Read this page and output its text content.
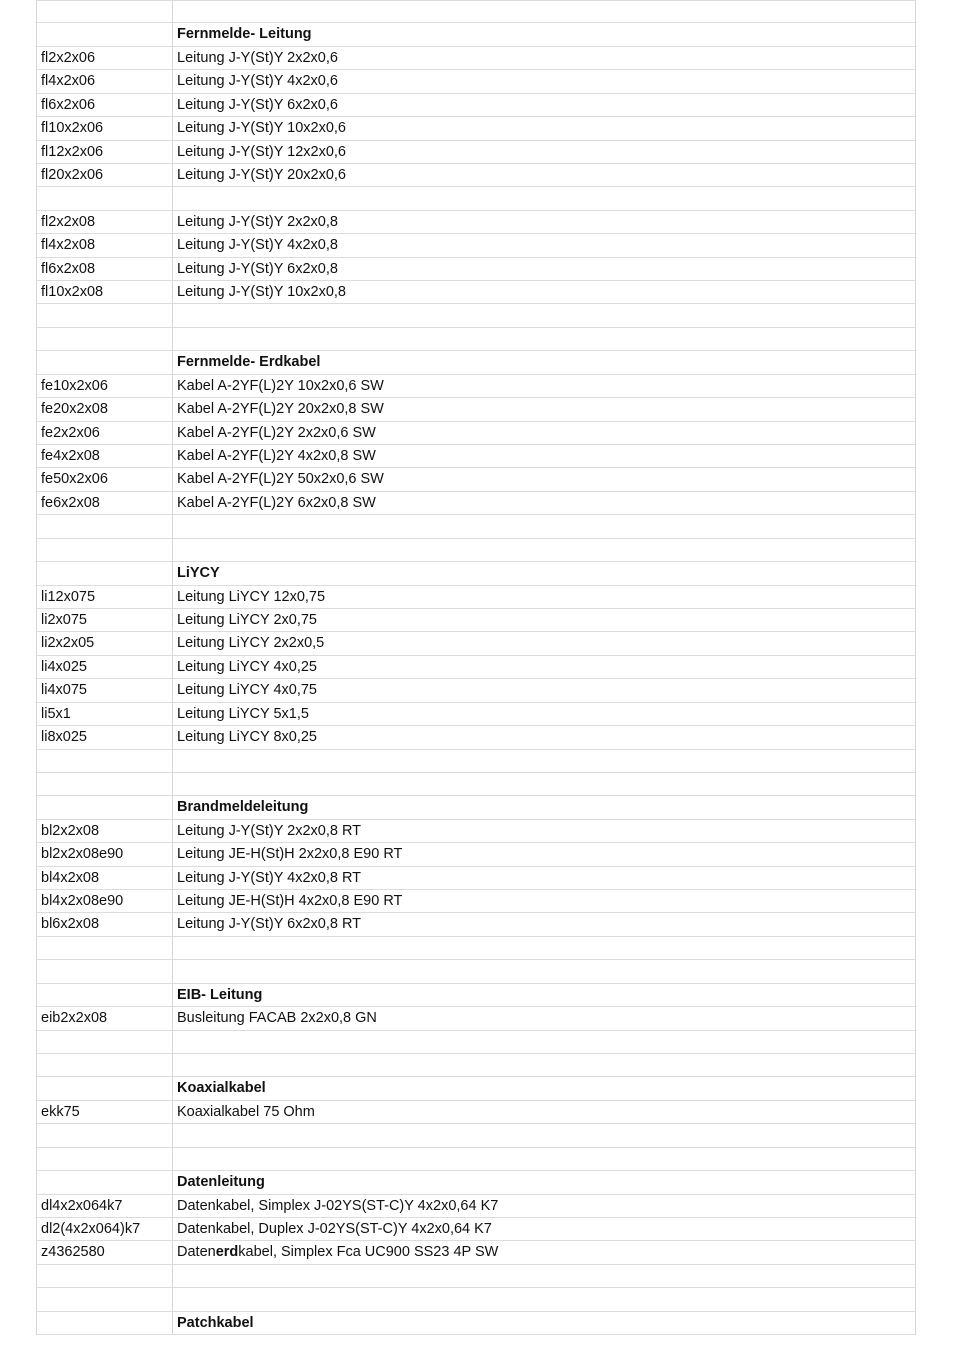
Fernmelde- Leitung
fl2x2x06	Leitung J-Y(St)Y 2x2x0,6
fl4x2x06	Leitung J-Y(St)Y 4x2x0,6
fl6x2x06	Leitung J-Y(St)Y 6x2x0,6
fl10x2x06	Leitung J-Y(St)Y 10x2x0,6
fl12x2x06	Leitung J-Y(St)Y 12x2x0,6
fl20x2x06	Leitung J-Y(St)Y 20x2x0,6
fl2x2x08	Leitung J-Y(St)Y 2x2x0,8
fl4x2x08	Leitung J-Y(St)Y 4x2x0,8
fl6x2x08	Leitung J-Y(St)Y 6x2x0,8
fl10x2x08	Leitung J-Y(St)Y 10x2x0,8
Fernmelde- Erdkabel
fe10x2x06	Kabel A-2YF(L)2Y 10x2x0,6 SW
fe20x2x08	Kabel A-2YF(L)2Y 20x2x0,8 SW
fe2x2x06	Kabel A-2YF(L)2Y 2x2x0,6 SW
fe4x2x08	Kabel A-2YF(L)2Y 4x2x0,8 SW
fe50x2x06	Kabel A-2YF(L)2Y 50x2x0,6 SW
fe6x2x08	Kabel A-2YF(L)2Y 6x2x0,8 SW
LiYCY
li12x075	Leitung LiYCY 12x0,75
li2x075	Leitung LiYCY 2x0,75
li2x2x05	Leitung LiYCY 2x2x0,5
li4x025	Leitung LiYCY 4x0,25
li4x075	Leitung LiYCY 4x0,75
li5x1	Leitung LiYCY 5x1,5
li8x025	Leitung LiYCY 8x0,25
Brandmeldeleitung
bl2x2x08	Leitung J-Y(St)Y 2x2x0,8 RT
bl2x2x08e90	Leitung JE-H(St)H 2x2x0,8 E90 RT
bl4x2x08	Leitung J-Y(St)Y 4x2x0,8 RT
bl4x2x08e90	Leitung JE-H(St)H 4x2x0,8 E90 RT
bl6x2x08	Leitung J-Y(St)Y 6x2x0,8 RT
EIB- Leitung
eib2x2x08	Busleitung FACAB 2x2x0,8 GN
Koaxialkabel
ekk75	Koaxialkabel 75 Ohm
Datenleitung
dl4x2x064k7	Datenkabel, Simplex J-02YS(ST-C)Y 4x2x0,64 K7
dl2(4x2x064)k7	Datenkabel, Duplex J-02YS(ST-C)Y 4x2x0,64 K7
z4362580	Datenerdkabel, Simplex Fca UC900 SS23 4P SW
Patchkabel
